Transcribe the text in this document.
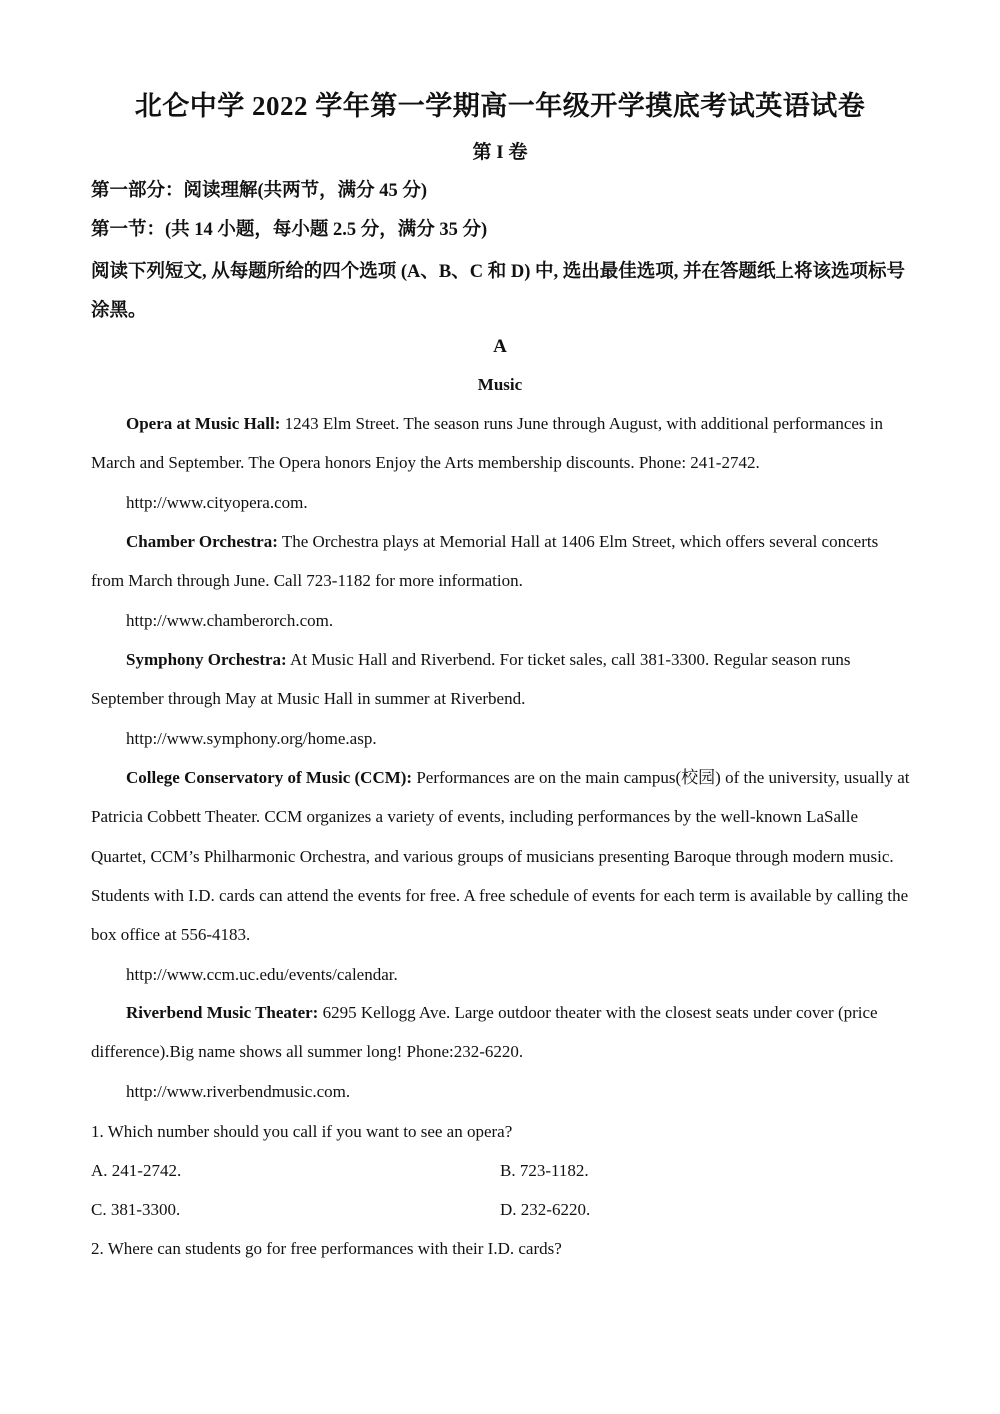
北仑中学 2022 学年第一学期高一年级开学摸底考试英语试卷
第 I 卷
第一部分：阅读理解(共两节，满分 45 分)
第一节：(共 14 小题，每小题 2.5 分，满分 35 分)
阅读下列短文, 从每题所给的四个选项 (A、B、C 和 D) 中, 选出最佳选项, 并在答题纸上将该选项标号涂黑。
A
Music
Opera at Music Hall: 1243 Elm Street. The season runs June through August, with additional performances in March and September. The Opera honors Enjoy the Arts membership discounts. Phone: 241-2742.
http://www.cityopera.com.
Chamber Orchestra: The Orchestra plays at Memorial Hall at 1406 Elm Street, which offers several concerts from March through June. Call 723-1182 for more information.
http://www.chamberorch.com.
Symphony Orchestra: At Music Hall and Riverbend. For ticket sales, call 381-3300. Regular season runs September through May at Music Hall in summer at Riverbend.
http://www.symphony.org/home.asp.
College Conservatory of Music (CCM): Performances are on the main campus(校园) of the university, usually at Patricia Cobbett Theater. CCM organizes a variety of events, including performances by the well-known LaSalle Quartet, CCM’s Philharmonic Orchestra, and various groups of musicians presenting Baroque through modern music. Students with I.D. cards can attend the events for free. A free schedule of events for each term is available by calling the box office at 556-4183.
http://www.ccm.uc.edu/events/calendar.
Riverbend Music Theater: 6295 Kellogg Ave. Large outdoor theater with the closest seats under cover (price difference).Big name shows all summer long! Phone:232-6220.
http://www.riverbendmusic.com.
1. Which number should you call if you want to see an opera?
A. 241-2742.	B. 723-1182.
C. 381-3300.	D. 232-6220.
2. Where can students go for free performances with their I.D. cards?
